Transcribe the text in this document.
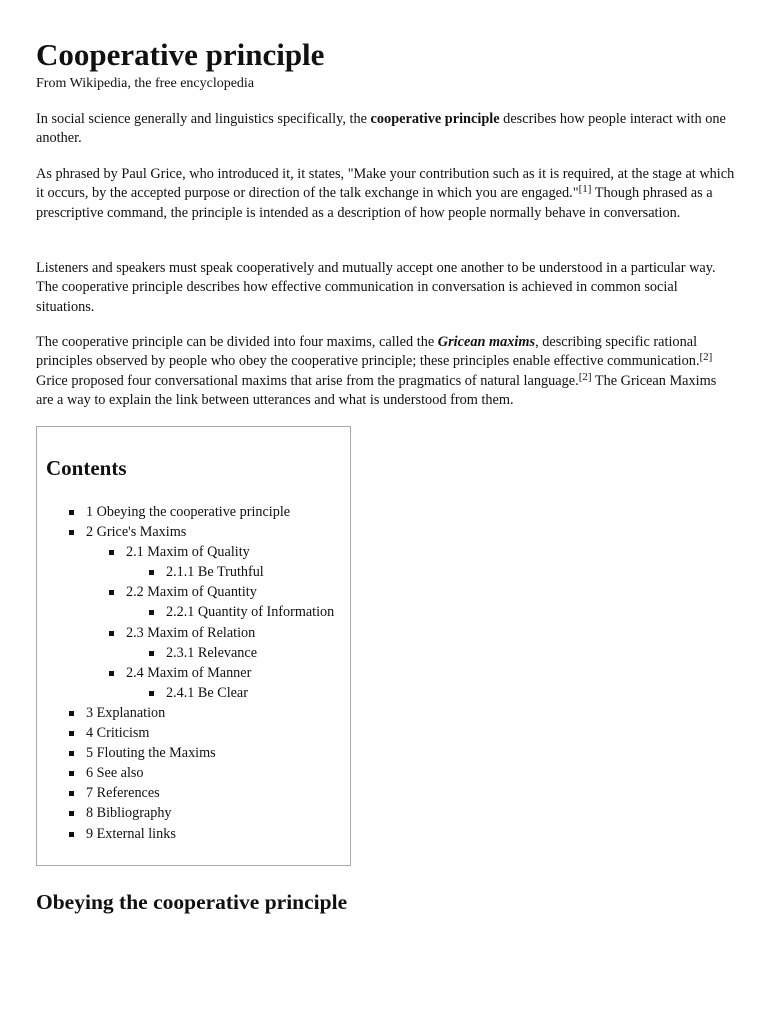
Cooperative principle

From Wikipedia, the free encyclopedia

In social science generally and linguistics specifically, the cooperative principle describes how people interact with one another.

As phrased by Paul Grice, who introduced it, it states, "Make your contribution such as it is required, at the stage at which it occurs, by the accepted purpose or direction of the talk exchange in which you are engaged."[1] Though phrased as a prescriptive command, the principle is intended as a description of how people normally behave in conversation.

Listeners and speakers must speak cooperatively and mutually accept one another to be understood in a particular way. The cooperative principle describes how effective communication in conversation is achieved in common social situations.

The cooperative principle can be divided into four maxims, called the Gricean maxims, describing specific rational principles observed by people who obey the cooperative principle; these principles enable effective communication.[2] Grice proposed four conversational maxims that arise from the pragmatics of natural language.[2] The Gricean Maxims are a way to explain the link between utterances and what is understood from them.

Contents
1 Obeying the cooperative principle
2 Grice's Maxims
2.1 Maxim of Quality
2.1.1 Be Truthful
2.2 Maxim of Quantity
2.2.1 Quantity of Information
2.3 Maxim of Relation
2.3.1 Relevance
2.4 Maxim of Manner
2.4.1 Be Clear
3 Explanation
4 Criticism
5 Flouting the Maxims
6 See also
7 References
8 Bibliography
9 External links
Obeying the cooperative principle
